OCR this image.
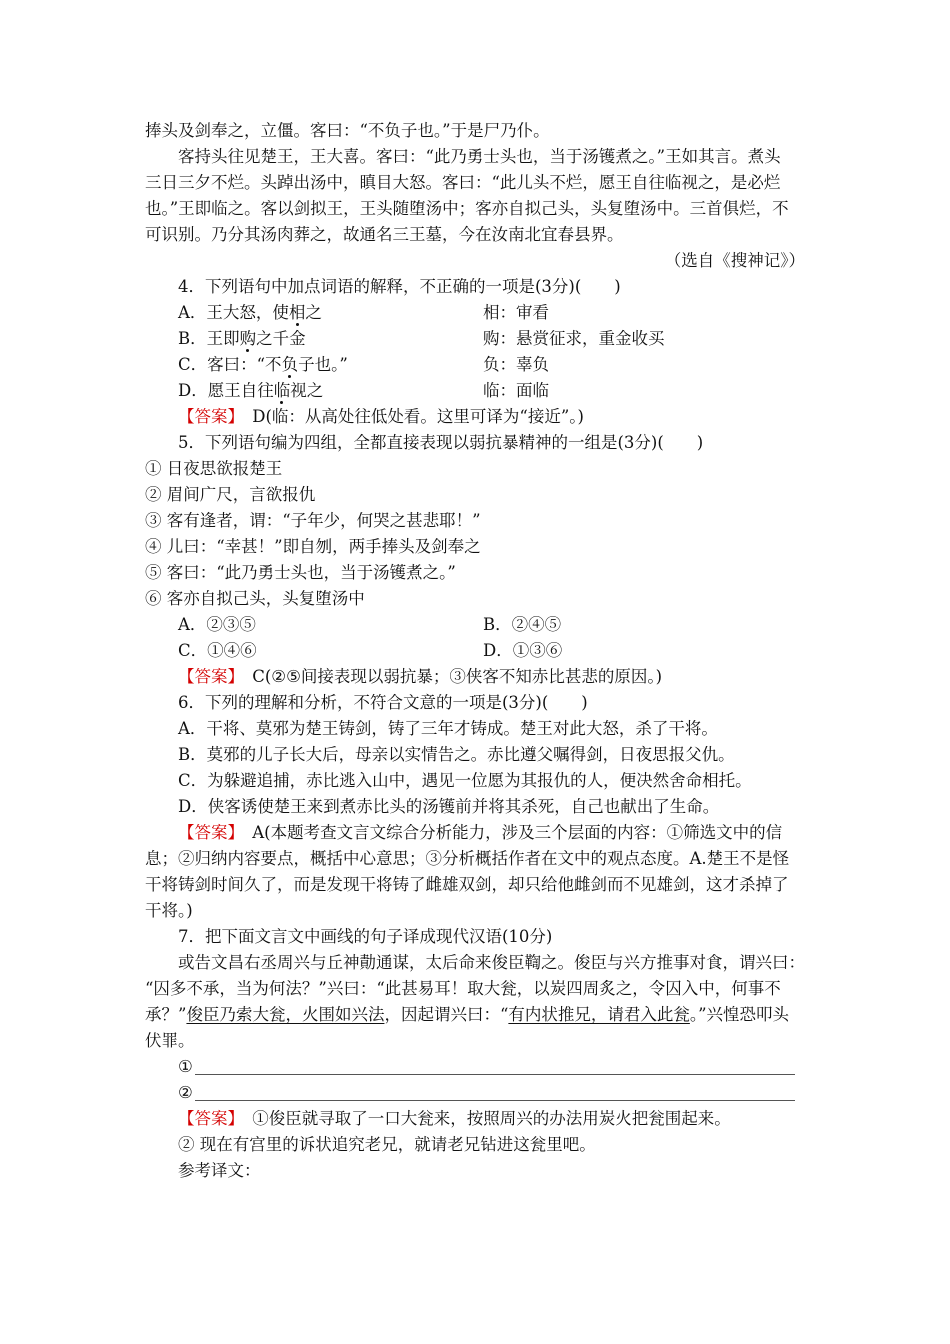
捧头及剑奉之，立僵。客曰：“不负子也。”于是尸乃仆。
客持头往见楚王，王大喜。客曰：“此乃勇士头也，当于汤镬煮之。”王如其言。煮头
三日三夕不烂。头踔出汤中，瞋目大怒。客曰：“此儿头不烂，愿王自往临视之，是必烂
也。”王即临之。客以剑拟王，王头随堕汤中；客亦自拟己头，头复堕汤中。三首俱烂，不
可识别。乃分其汤肉葬之，故通名三王墓，今在汝南北宜春县界。
（选自《搜神记》）
4．下列语句中加点词语的解释，不正确的一项是(3分)(　　)
A．王大怒，使相之	相：审看
B．王即购之千金	购：悬赏征求，重金收买
C．客曰：“不负子也。”	负：辜负
D．愿王自往临视之	临：面临
【答案】　D(临：从高处往低处看。这里可译为“接近”。)
5．下列语句编为四组，全都直接表现以弱抗暴精神的一组是(3分)(　　)
① 日夜思欲报楚王
② 眉间广尺，言欲报仇
③ 客有逢者，谓：“子年少，何哭之甚悲耶！”
④ 儿曰：“幸甚！”即自刎，两手捧头及剑奉之
⑤ 客曰：“此乃勇士头也，当于汤镬煮之。”
⑥ 客亦自拟己头，头复堕汤中
A．②③⑤	B．②④⑤
C．①④⑥	D．①③⑥
【答案】　C(②⑤间接表现以弱抗暴；③侠客不知赤比甚悲的原因。)
6．下列的理解和分析，不符合文意的一项是(3分)(　　)
A．干将、莫邪为楚王铸剑，铸了三年才铸成。楚王对此大怒，杀了干将。
B．莫邪的儿子长大后，母亲以实情告之。赤比遵父嘱得剑，日夜思报父仇。
C．为躲避追捕，赤比逃入山中，遇见一位愿为其报仇的人，便决然舍命相托。
D．侠客诱使楚王来到煮赤比头的汤镬前并将其杀死，自己也献出了生命。
【答案】　A(本题考查文言文综合分析能力，涉及三个层面的内容：①筛选文中的信
息；②归纳内容要点，概括中心意思；③分析概括作者在文中的观点态度。A.楚王不是怪
干将铸剑时间久了，而是发现干将铸了雌雄双剑，却只给他雌剑而不见雄剑，这才杀掉了
干将。)
7．把下面文言文中画线的句子译成现代汉语(10分)
或告文昌右丞周兴与丘神勣通谋，太后命来俊臣鞫之。俊臣与兴方推事对食，谓兴曰：
“囚多不承，当为何法？”兴曰：“此甚易耳！取大瓮，以炭四周炙之，令囚入中，何事不
承？”俊臣乃索大瓮，火围如兴法，因起谓兴曰：“有内状推兄，请君入此瓮。”兴惶恐叩头
伏罪。
①
②
【答案】　①俊臣就寻取了一口大瓮来，按照周兴的办法用炭火把瓮围起来。
② 现在有宫里的诉状追究老兄，就请老兄钻进这瓮里吧。
参考译文：
